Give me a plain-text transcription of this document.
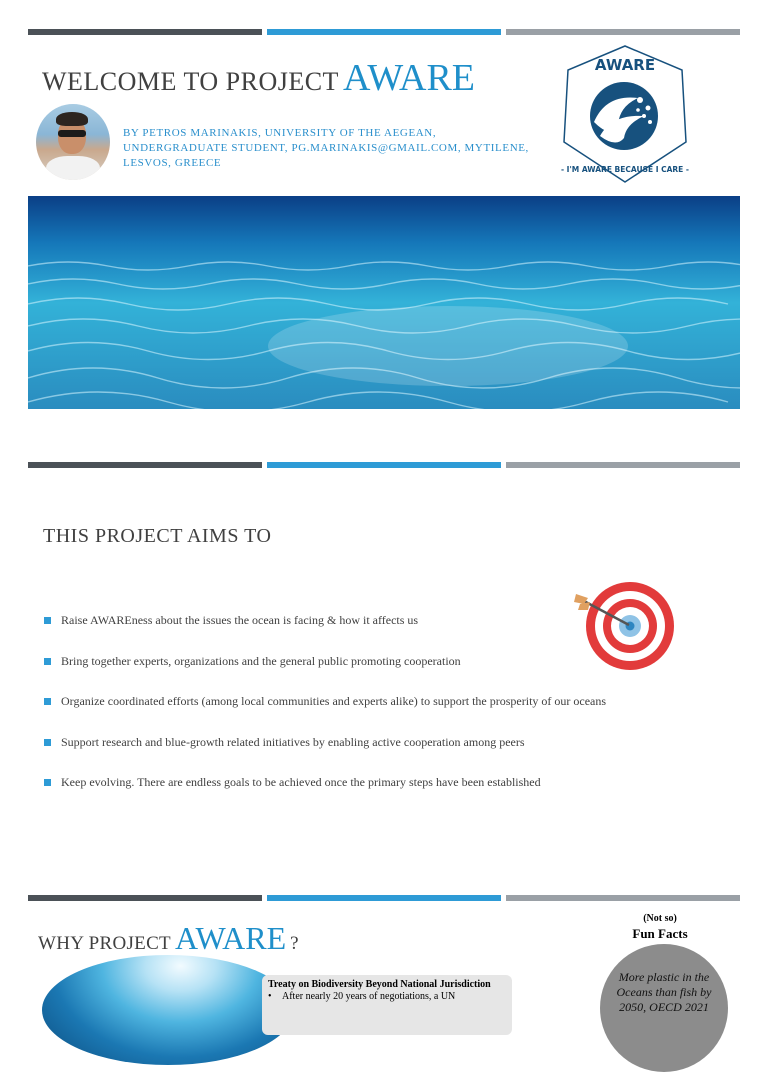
WELCOME TO PROJECT AWARE
BY PETROS MARINAKIS, UNIVERSITY OF THE AEGEAN, UNDERGRADUATE STUDENT, PG.MARINAKIS@GMAIL.COM, MYTILENE, LESVOS, GREECE
AWARE
- I'M AWARE BECAUSE I CARE -
THIS PROJECT AIMS TO
Raise AWAREness about the issues the ocean is facing & how it affects us
Bring together experts, organizations and the general public promoting cooperation
Organize coordinated efforts (among local communities and experts alike) to support the prosperity of our oceans
Support research and blue-growth related initiatives by enabling active cooperation among peers
Keep evolving. There are endless goals to be achieved once the primary steps have been established
WHY PROJECT AWARE ?
Treaty on Biodiversity Beyond National Jurisdiction
• After nearly 20 years of negotiations, a UN
(Not so)
Fun Facts
More plastic in the Oceans than fish by 2050, OECD 2021
